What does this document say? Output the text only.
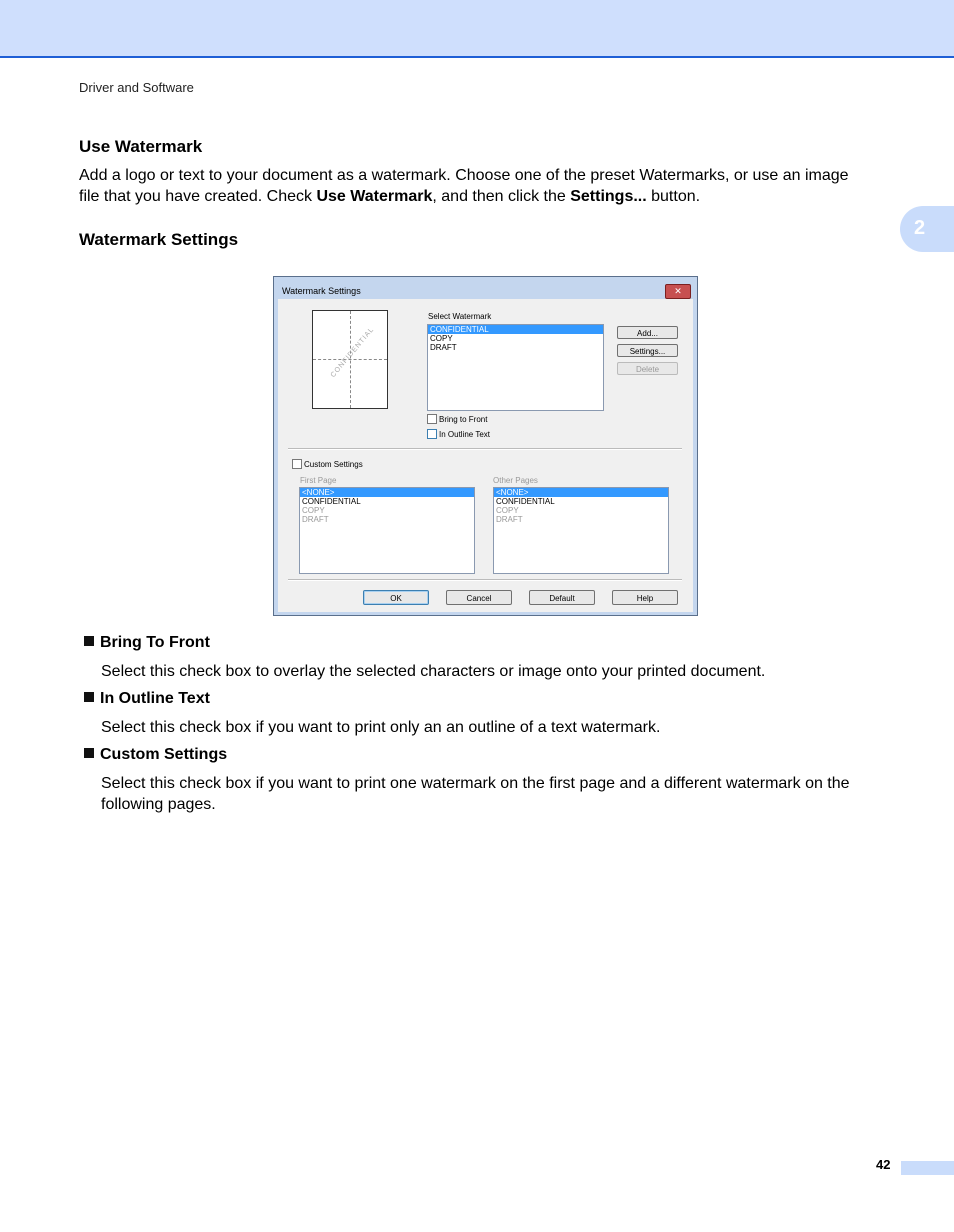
Driver and Software
2
Use Watermark
Add a logo or text to your document as a watermark. Choose one of the preset Watermarks, or use an image
file that you have created. Check Use Watermark, and then click the Settings... button.
Watermark Settings
Watermark Settings	✕
CONFIDENTIAL
Select Watermark
CONFIDENTIAL
COPY
DRAFT
Add...
Settings...
Delete
Bring to Front
In Outline Text
Custom Settings
First Page
<NONE>
CONFIDENTIAL
COPY
DRAFT
Other Pages
<NONE>
CONFIDENTIAL
COPY
DRAFT
OK	Cancel	Default	Help
Bring To Front
Select this check box to overlay the selected characters or image onto your printed document.
In Outline Text
Select this check box if you want to print only an an outline of a text watermark.
Custom Settings
Select this check box if you want to print one watermark on the first page and a different watermark on the following pages.
42
